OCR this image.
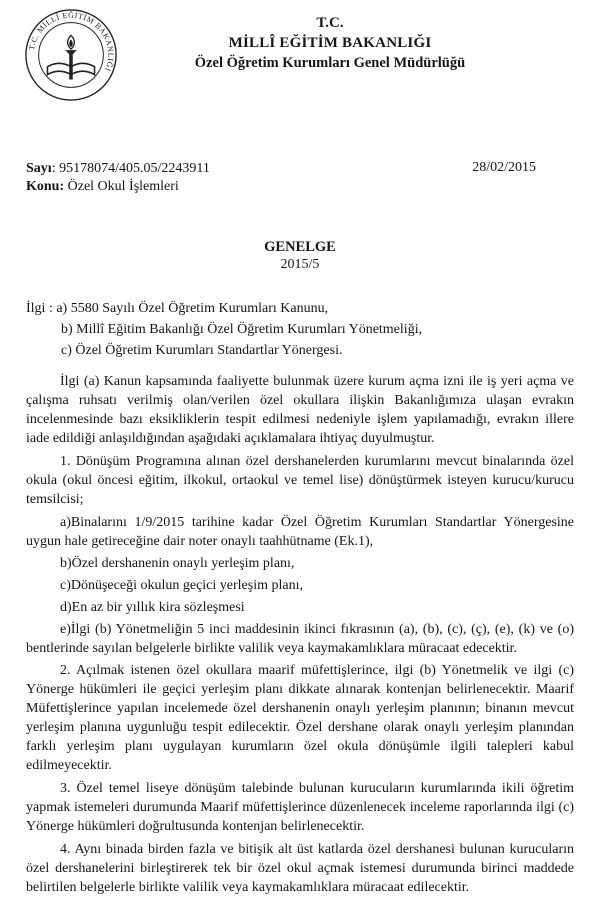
T.C. MİLLÎ EĞİTİM BAKANLIĞI
T.C.
MİLLÎ EĞİTİM BAKANLIĞI
Özel Öğretim Kurumları Genel Müdürlüğü
Sayı: 95178074/405.05/2243911	28/02/2015
Konu: Özel Okul İşlemleri
GENELGE
2015/5
İlgi : a) 5580 Sayılı Özel Öğretim Kurumları Kanunu,
b) Millî Eğitim Bakanlığı Özel Öğretim Kurumları Yönetmeliği,
c) Özel Öğretim Kurumları Standartlar Yönergesi.

İlgi (a) Kanun kapsamında faaliyette bulunmak üzere kurum açma izni ile iş yeri açma ve çalışma ruhsatı verilmiş olan/verilen özel okullara ilişkin Bakanlığımıza ulaşan evrakın incelenmesinde bazı eksikliklerin tespit edilmesi nedeniyle işlem yapılamadığı, evrakın illere iade edildiği anlaşıldığından aşağıdaki açıklamalara ihtiyaç duyulmuştur.

1. Dönüşüm Programına alınan özel dershanelerden kurumlarını mevcut binalarında özel okula (okul öncesi eğitim, ilkokul, ortaokul ve temel lise) dönüştürmek isteyen kurucu/kurucu temsilcisi;

a)Binalarını 1/9/2015 tarihine kadar Özel Öğretim Kurumları Standartlar Yönergesine uygun hale getireceğine dair noter onaylı taahhütname (Ek.1),

b)Özel dershanenin onaylı yerleşim planı,

c)Dönüşeceği okulun geçici yerleşim planı,

d)En az bir yıllık kira sözleşmesi

e)İlgi (b) Yönetmeliğin 5 inci maddesinin ikinci fıkrasının (a), (b), (c), (ç), (e), (k) ve (o) bentlerinde sayılan belgelerle birlikte valilik veya kaymakamlıklara müracaat edecektir.

2. Açılmak istenen özel okullara maarif müfettişlerince, ilgi (b) Yönetmelik ve ilgi (c) Yönerge hükümleri ile geçici yerleşim planı dikkate alınarak kontenjan belirlenecektir. Maarif Müfettişlerince yapılan incelemede özel dershanenin onaylı yerleşim planının; binanın mevcut yerleşim planına uygunluğu tespit edilecektir. Özel dershane olarak onaylı yerleşim planından farklı yerleşim planı uygulayan kurumların özel okula dönüşümle ilgili talepleri kabul edilmeyecektir.

3. Özel temel liseye dönüşüm talebinde bulunan kurucuların kurumlarında ikili öğretim yapmak istemeleri durumunda Maarif müfettişlerince düzenlenecek inceleme raporlarında ilgi (c) Yönerge hükümleri doğrultusunda kontenjan belirlenecektir.

4. Aynı binada birden fazla ve bitişik alt üst katlarda özel dershanesi bulunan kurucuların özel dershanelerini birleştirerek tek bir özel okul açmak istemesi durumunda birinci maddede belirtilen belgelerle birlikte valilik veya kaymakamlıklara müracaat edilecektir.
